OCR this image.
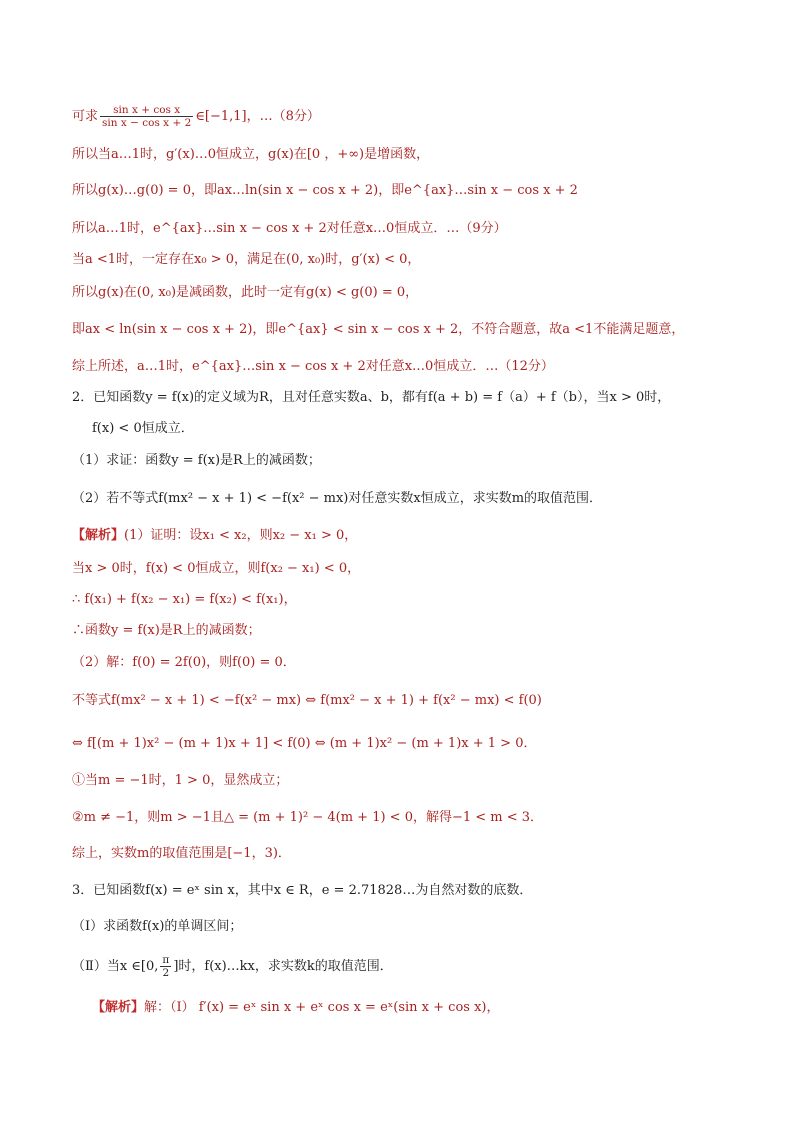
可求 $\frac{\text{sin x + cos x}}{\text{sin x − cos x + 2}}$ ∈[−1,1]，…（8分）
所以当a…1时，g′(x)…0恒成立，g(x)在[0 ，+∞)是增函数，
所以g(x)…g(0) = 0，即ax…ln(sin x − cos x + 2)，即e^{ax}…sin x − cos x + 2
所以a…1时，e^{ax}…sin x − cos x + 2对任意x…0恒成立．…（9分）
当a <1时，一定存在x₀ > 0，满足在(0, x₀)时，g′(x) < 0，
所以g(x)在(0, x₀)是减函数，此时一定有g(x) < g(0) = 0，
即ax < ln(sin x − cos x + 2)，即e^{ax} < sin x − cos x + 2，不符合题意，故a <1不能满足题意，
综上所述，a…1时，e^{ax}…sin x − cos x + 2对任意x…0恒成立．…（12分）
2．已知函数y = f(x)的定义域为R，且对任意实数a、b，都有f(a + b) = f（a）+ f（b），当x > 0时，
f(x) < 0恒成立．
（1）求证：函数y = f(x)是R上的减函数；
（2）若不等式f(mx² − x + 1) < −f(x² − mx)对任意实数x恒成立，求实数m的取值范围．
【解析】(1）证明：设x₁ < x₂，则x₂ − x₁ > 0，
当x > 0时，f(x) < 0恒成立，则f(x₂ − x₁) < 0，
∴ f(x₁) + f(x₂ − x₁) = f(x₂) < f(x₁)，
∴函数y = f(x)是R上的减函数；
（2）解：f(0) = 2f(0)，则f(0) = 0．
不等式f(mx² − x + 1) < −f(x² − mx) ⇔ f(mx² − x + 1) + f(x² − mx) < f(0)
⇔ f[(m + 1)x² − (m + 1)x + 1] < f(0) ⇔ (m + 1)x² − (m + 1)x + 1 > 0．
①当m = −1时，1 > 0，显然成立；
②m ≠ −1，则m > −1且△ = (m + 1)² − 4(m + 1) < 0，解得−1 < m < 3．
综上，实数m的取值范围是[−1，3)．
3．已知函数f(x) = eˣ sin x，其中x ∈ R，e = 2.71828…为自然对数的底数．
（Ⅰ）求函数f(x)的单调区间；
（Ⅱ）当x ∈[0, $\frac{\pi}{2}$ ]时，f(x)…kx，求实数k的取值范围．
【解析】解：（Ⅰ） f′(x) = eˣ sin x + eˣ cos x = eˣ(sin x + cos x)，
